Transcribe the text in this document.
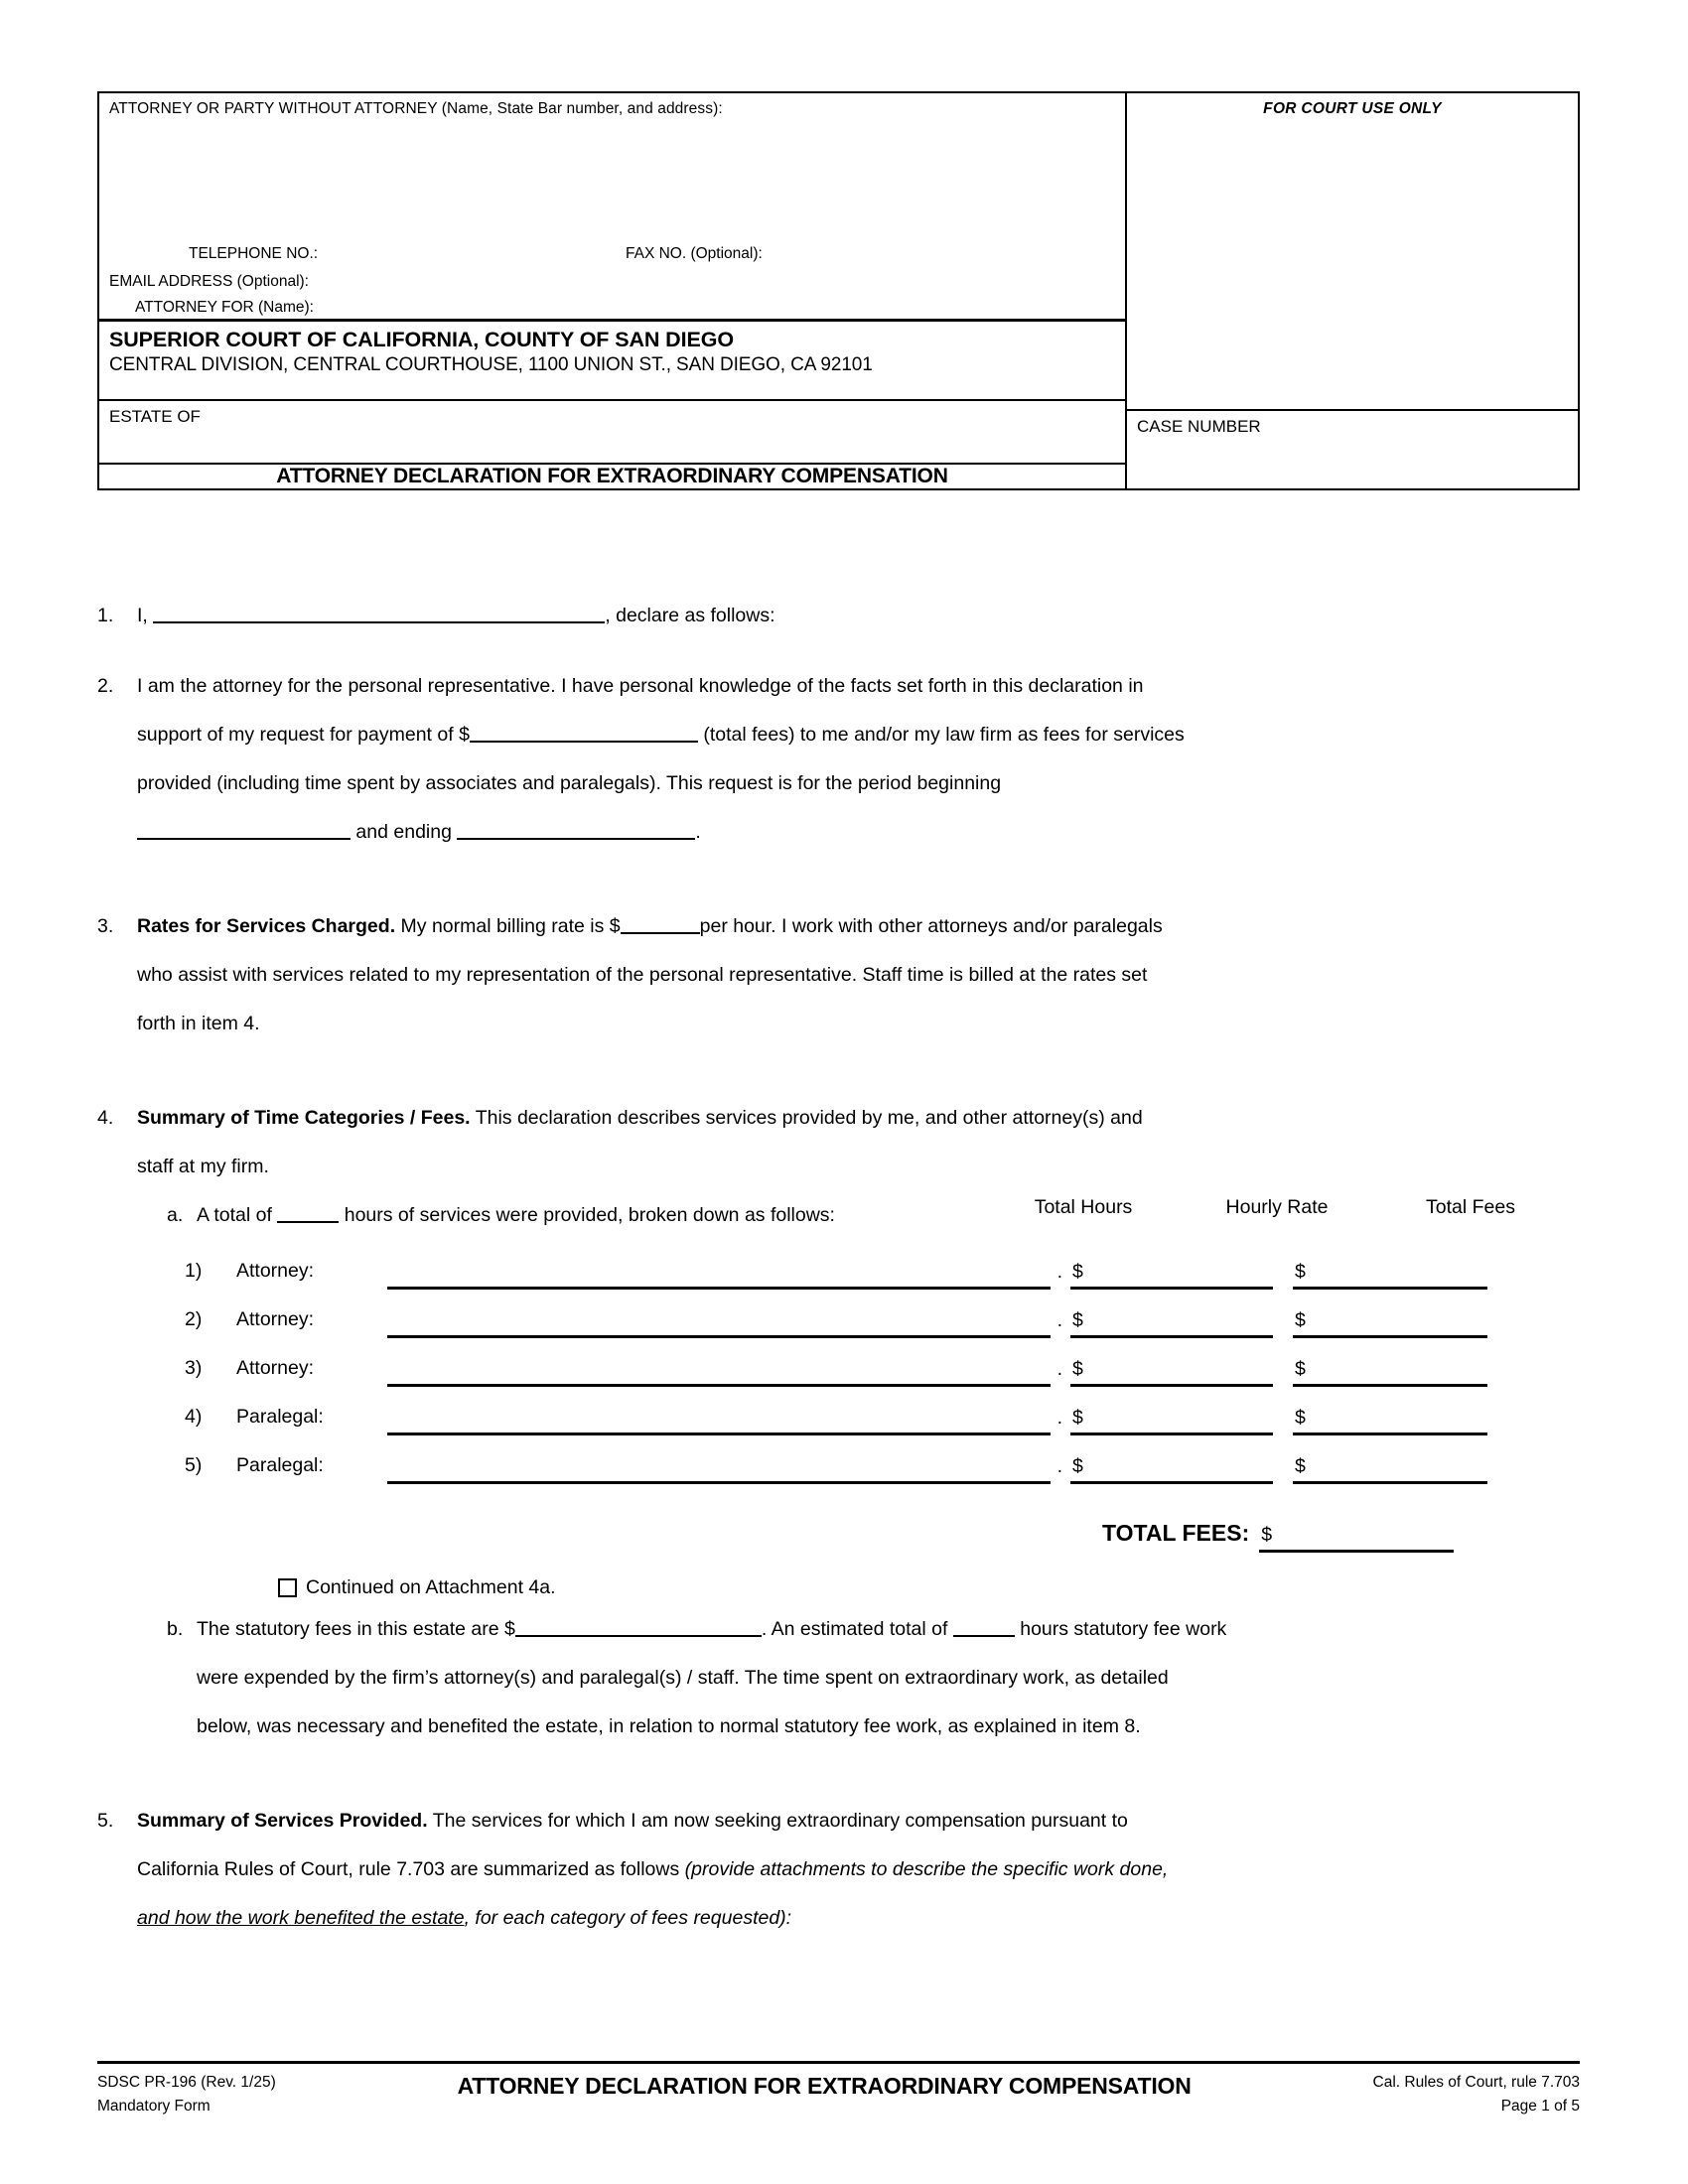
ATTORNEY OR PARTY WITHOUT ATTORNEY (Name, State Bar number, and address):
TELEPHONE NO.:	FAX NO. (Optional):
EMAIL ADDRESS (Optional):
ATTORNEY FOR (Name):
SUPERIOR COURT OF CALIFORNIA, COUNTY OF SAN DIEGO
CENTRAL DIVISION, CENTRAL COURTHOUSE, 1100 UNION ST., SAN DIEGO, CA 92101
ESTATE OF
ATTORNEY DECLARATION FOR EXTRAORDINARY COMPENSATION
FOR COURT USE ONLY
CASE NUMBER
1.	I,	, declare as follows:
2.	I am the attorney for the personal representative. I have personal knowledge of the facts set forth in this declaration in
support of my request for payment of $	(total fees) to me and/or my law firm as fees for services
provided (including time spent by associates and paralegals). This request is for the period beginning
and ending	.
3.	Rates for Services Charged. My normal billing rate is $	per hour. I work with other attorneys and/or paralegals
who assist with services related to my representation of the personal representative. Staff time is billed at the rates set
forth in item 4.
4.	Summary of Time Categories / Fees. This declaration describes services provided by me, and other attorney(s) and
staff at my firm.
a. A total of	hours of services were provided, broken down as follows:	Total Hours	Hourly Rate	Total Fees
1)	Attorney:	. $	$
2)	Attorney:	. $	$
3)	Attorney:	. $	$
4)	Paralegal:	. $	$
5)	Paralegal:	. $	$
TOTAL FEES: $
Continued on Attachment 4a.
b. The statutory fees in this estate are $	. An estimated total of	hours statutory fee work
were expended by the firm’s attorney(s) and paralegal(s) / staff. The time spent on extraordinary work, as detailed
below, was necessary and benefited the estate, in relation to normal statutory fee work, as explained in item 8.
5.	Summary of Services Provided. The services for which I am now seeking extraordinary compensation pursuant to
California Rules of Court, rule 7.703 are summarized as follows (provide attachments to describe the specific work done,
and how the work benefited the estate, for each category of fees requested):
SDSC PR-196 (Rev. 1/25)
Mandatory Form
ATTORNEY DECLARATION FOR EXTRAORDINARY COMPENSATION	Cal. Rules of Court, rule 7.703
Page 1 of 5
